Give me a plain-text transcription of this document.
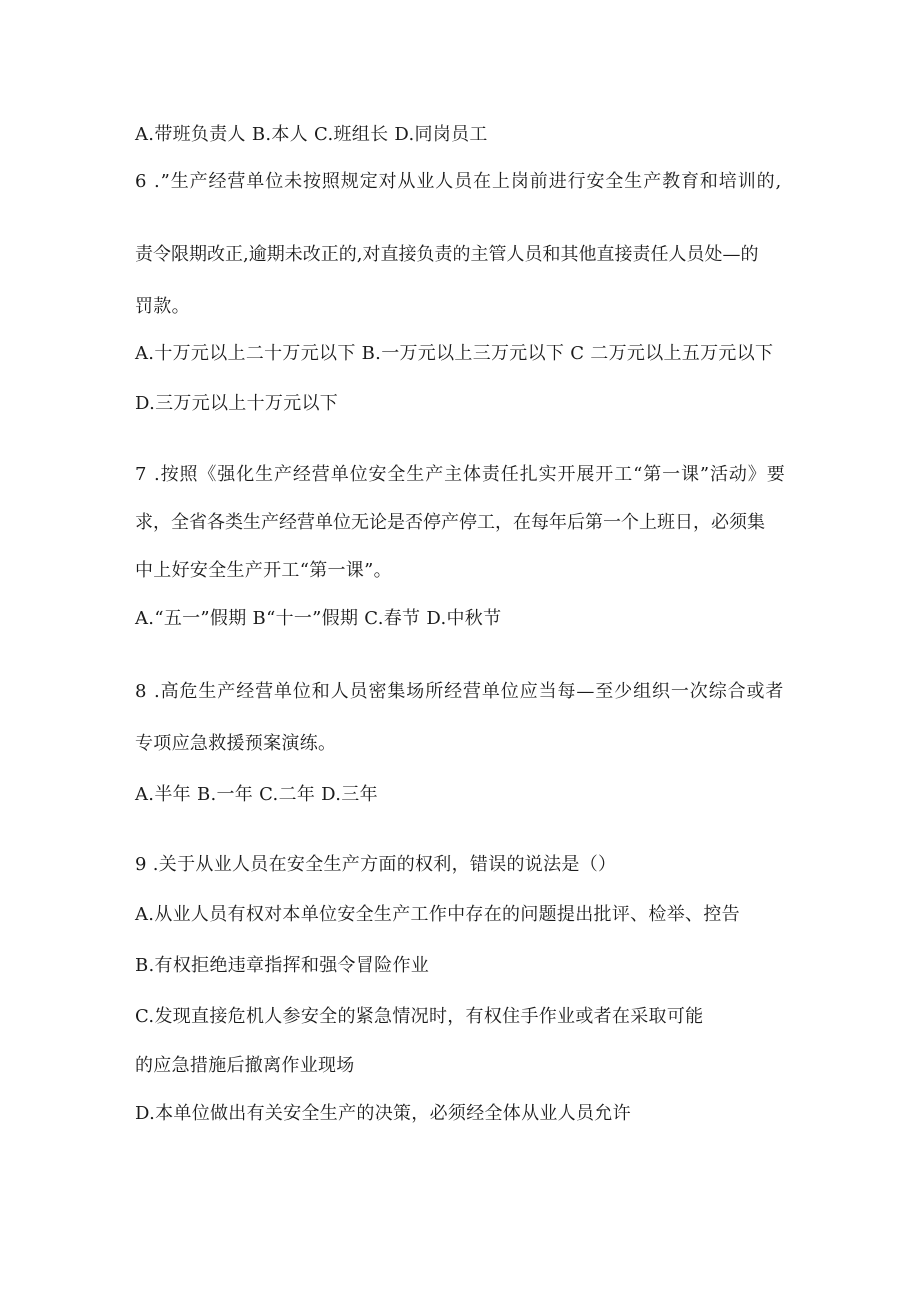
A.带班负责人 B.本人 C.班组长 D.同岗员工
6 .”生产经营单位未按照规定对从业人员在上岗前进行安全生产教育和培训的,
责令限期改正,逾期未改正的,对直接负责的主管人员和其他直接责任人员处—的
罚款。
A.十万元以上二十万元以下 B.一万元以上三万元以下 C 二万元以上五万元以下
D.三万元以上十万元以下
7 .按照《强化生产经营单位安全生产主体责任扎实开展开工“第一课”活动》要
求，全省各类生产经营单位无论是否停产停工，在每年后第一个上班日，必须集
中上好安全生产开工“第一课”。
A.“五一”假期 B“十一”假期 C.春节 D.中秋节
8 .高危生产经营单位和人员密集场所经营单位应当每—至少组织一次综合或者
专项应急救援预案演练。
A.半年 B.一年 C.二年 D.三年
9 .关于从业人员在安全生产方面的权利，错误的说法是（）
A.从业人员有权对本单位安全生产工作中存在的问题提出批评、检举、控告
B.有权拒绝违章指挥和强令冒险作业
C.发现直接危机人参安全的紧急情况时，有权住手作业或者在采取可能
的应急措施后撤离作业现场
D.本单位做出有关安全生产的决策，必须经全体从业人员允许
